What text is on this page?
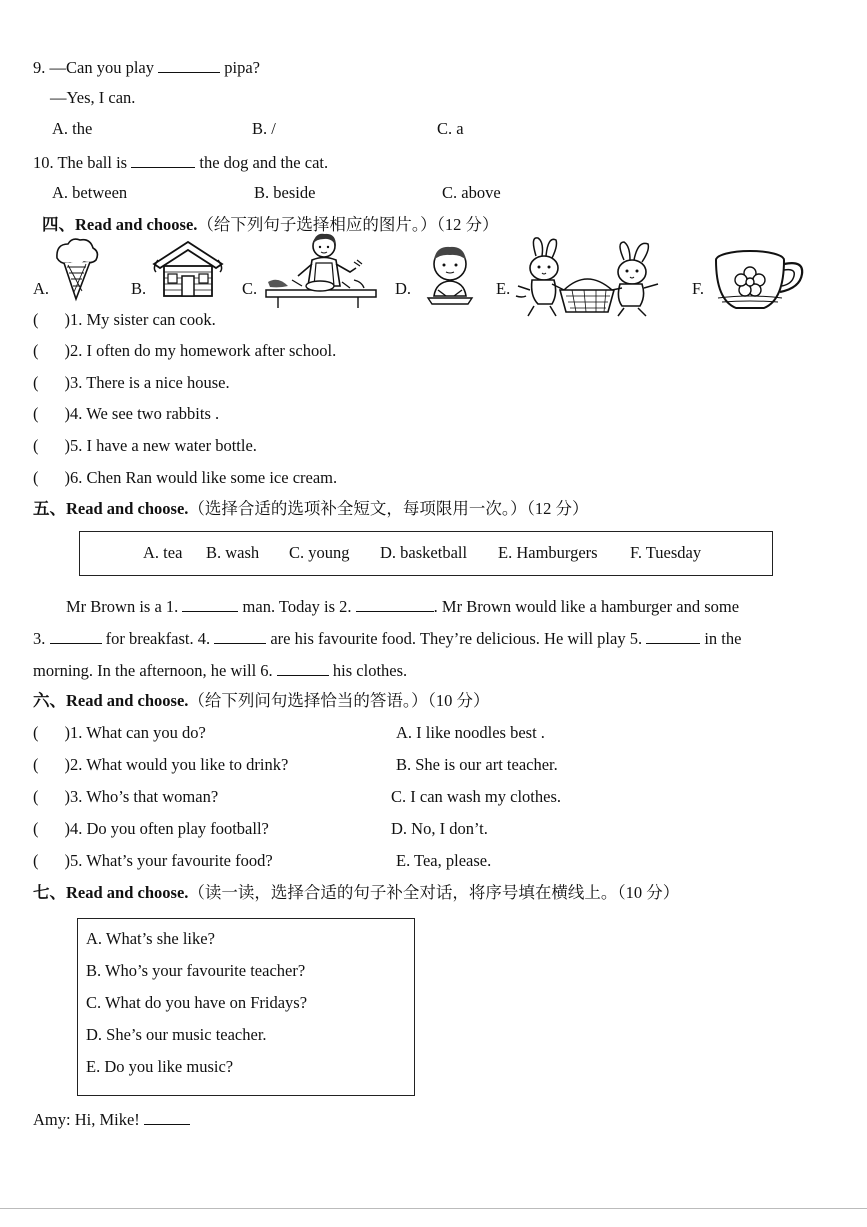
9. —Can you play	pipa?
—Yes, I can.
A. the	B. /	C. a
10. The ball is	the dog and the cat.
A. between	B. beside	C. above
四、Read and choose.（给下列句子选择相应的图片。）（12 分）
A.	B.	C.	D.	E.	F.
( )1. My sister can cook.
( )2. I often do my homework after school.
( )3. There is a nice house.
( )4. We see two rabbits .
( )5. I have a new water bottle.
( )6. Chen Ran would like some ice cream.
五、Read and choose.（选择合适的选项补全短文，每项限用一次。）（12 分）
A. tea B. wash C. young D. basketball E. Hamburgers F. Tuesday
Mr Brown is a 1.	man. Today is 2.	. Mr Brown would like a hamburger and some
3.	for breakfast. 4.	are his favourite food. They’re delicious. He will play 5.	in the
morning. In the afternoon, he will 6.	his clothes.
六、Read and choose.（给下列问句选择恰当的答语。）（10 分）
( )1. What can you do?
( )2. What would you like to drink?
( )3. Who’s that woman?
( )4. Do you often play football?
( )5. What’s your favourite food?
A. I like noodles best .
B. She is our art teacher.
C. I can wash my clothes.
D. No, I don’t.
E. Tea, please.
七、Read and choose.（读一读，选择合适的句子补全对话，将序号填在横线上。（10 分）
A. What’s she like?
B. Who’s your favourite teacher?
C. What do you have on Fridays?
D. She’s our music teacher.
E. Do you like music?
Amy: Hi, Mike!
